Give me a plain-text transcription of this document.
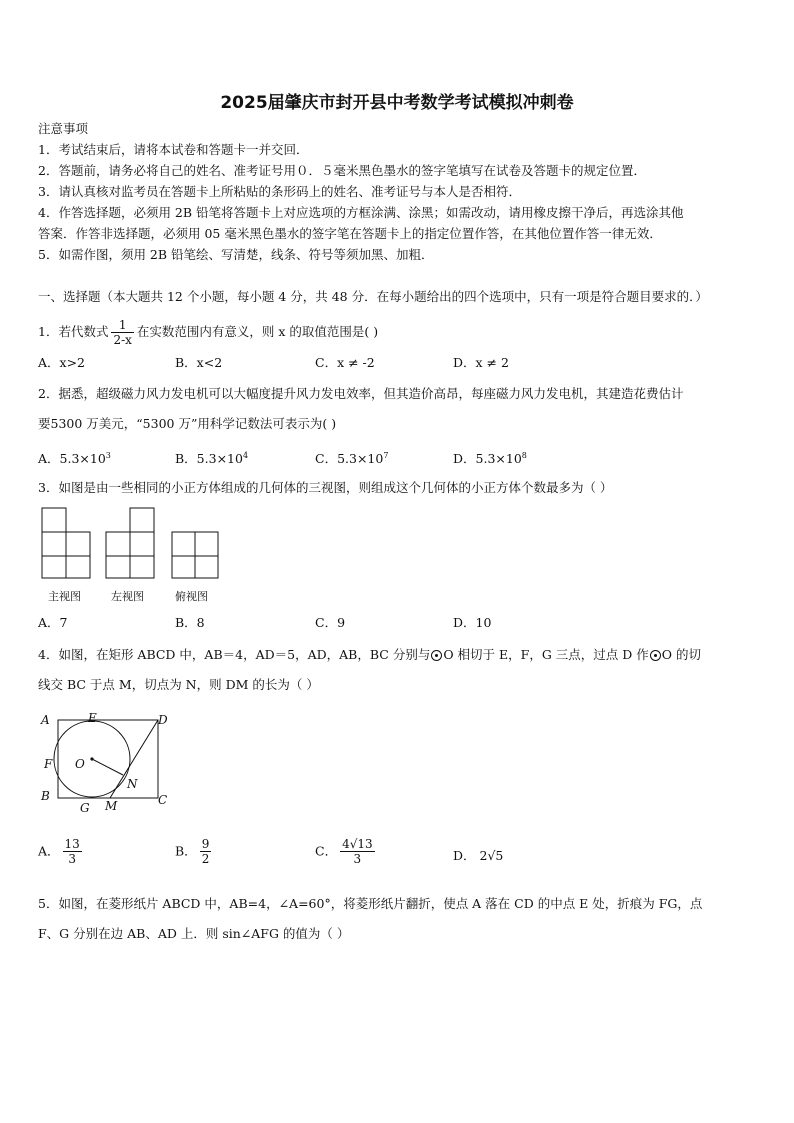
2025届肇庆市封开县中考数学考试模拟冲刺卷
注意事项
1．考试结束后，请将本试卷和答题卡一并交回．
2．答题前，请务必将自己的姓名、准考证号用０．５毫米黑色墨水的签字笔填写在试卷及答题卡的规定位置．
3．请认真核对监考员在答题卡上所粘贴的条形码上的姓名、准考证号与本人是否相符．
4．作答选择题，必须用 2B 铅笔将答题卡上对应选项的方框涂满、涂黑；如需改动，请用橡皮擦干净后，再选涂其他
答案．作答非选择题，必须用 05 毫米黑色墨水的签字笔在答题卡上的指定位置作答，在其他位置作答一律无效．
5．如需作图，须用 2B 铅笔绘、写清楚，线条、符号等须加黑、加粗．
一、选择题（本大题共 12 个小题，每小题 4 分，共 48 分．在每小题给出的四个选项中，只有一项是符合题目要求的．）
1．若代数式 $\frac{1}{2-x}$ 在实数范围内有意义，则 x 的取值范围是( )
A．x>2	B．x<2	C．x ≠ -2	D．x ≠ 2
2．据悉，超级磁力风力发电机可以大幅度提升风力发电效率，但其造价高昂，每座磁力风力发电机，其建造花费估计
要5300 万美元，“5300 万”用科学记数法可表示为( )
A．$5.3\times 10^3$	B．$5.3\times 10^4$	C．$5.3\times 10^7$	D．$5.3\times 10^8$
3．如图是由一些相同的小正方体组成的几何体的三视图，则组成这个几何体的小正方体个数最多为（ ）
主视图	左视图	俯视图
A．7	B．8	C．9	D．10
4．如图，在矩形 ABCD 中，AB＝4，AD＝5，AD，AB，BC 分别与 O 相切于 E，F，G 三点，过点 D 作 O 的切
线交 BC 于点 M，切点为 N，则 DM 的长为（ ）
A	E	D
F O
N
B
G M	C
A． $\frac{13}{3}$	B． $\frac{9}{2}$	C． $\frac{4√13}{3}$	D． 2√5
5．如图，在菱形纸片 ABCD 中，AB=4，∠A=60°，将菱形纸片翻折，使点 A 落在 CD 的中点 E 处，折痕为 FG，点
F、G 分别在边 AB、AD 上．则 sin∠AFG 的值为（ ）
